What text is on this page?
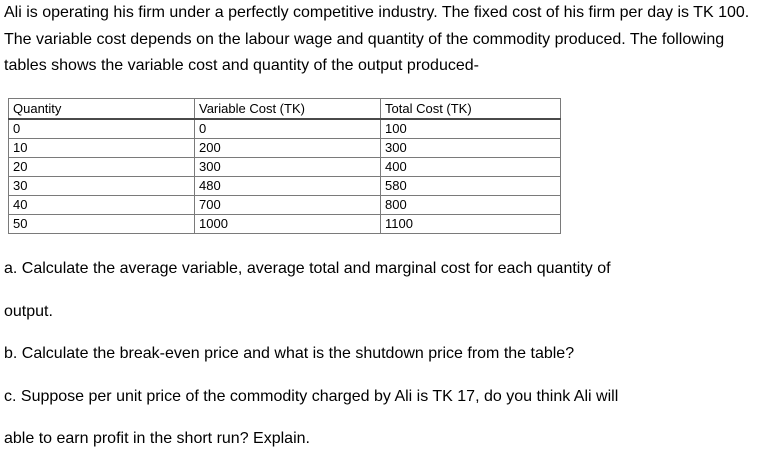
Ali is operating his firm under a perfectly competitive industry. The fixed cost of his firm per day is TK 100. The variable cost depends on the labour wage and quantity of the commodity produced. The following tables shows the variable cost and quantity of the output produced-

Quantity	Variable Cost (TK)	Total Cost (TK)
0	0	100
10	200	300
20	300	400
30	480	580
40	700	800
50	1000	1100

a. Calculate the average variable, average total and marginal cost for each quantity of

output.

b. Calculate the break-even price and what is the shutdown price from the table?

c. Suppose per unit price of the commodity charged by Ali is TK 17, do you think Ali will

able to earn profit in the short run? Explain.
